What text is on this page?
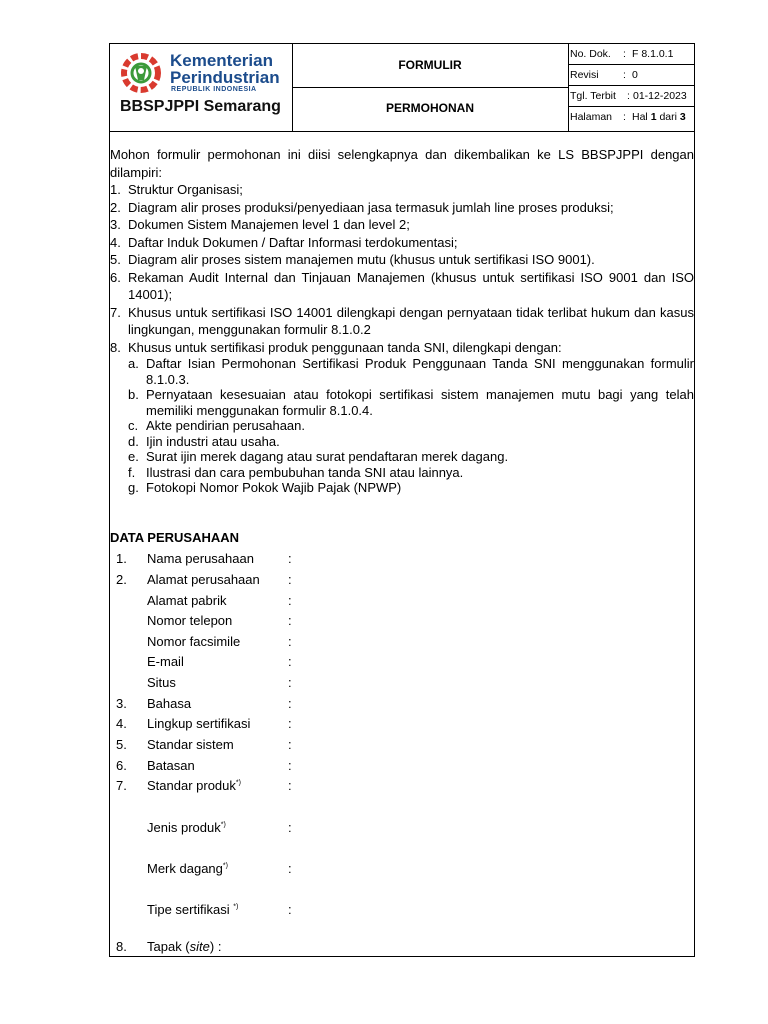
Kementerian
Perindustrian
REPUBLIK INDONESIA
BBSPJPPI Semarang
FORMULIR
PERMOHONAN
No. Dok. : F 8.1.0.1
Revisi : 0
Tgl. Terbit : 01-12-2023
Halaman : Hal 1 dari 3
Mohon formulir permohonan ini diisi selengkapnya dan dikembalikan ke LS BBSPJPPI dengan dilampiri:
1. Struktur Organisasi;
2. Diagram alir proses produksi/penyediaan jasa termasuk jumlah line proses produksi;
3. Dokumen Sistem Manajemen level 1 dan level 2;
4. Daftar Induk Dokumen / Daftar Informasi terdokumentasi;
5. Diagram alir proses sistem manajemen mutu (khusus untuk sertifikasi ISO 9001).
6. Rekaman Audit Internal dan Tinjauan Manajemen (khusus untuk sertifikasi ISO 9001 dan ISO 14001);
7. Khusus untuk sertifikasi ISO 14001 dilengkapi dengan pernyataan tidak terlibat hukum dan kasus lingkungan, menggunakan formulir 8.1.0.2
8. Khusus untuk sertifikasi produk penggunaan tanda SNI, dilengkapi dengan:
a. Daftar Isian Permohonan Sertifikasi Produk Penggunaan Tanda SNI menggunakan formulir 8.1.0.3.
b. Pernyataan kesesuaian atau fotokopi sertifikasi sistem manajemen mutu bagi yang telah memiliki menggunakan formulir 8.1.0.4.
c. Akte pendirian perusahaan.
d. Ijin industri atau usaha.
e. Surat ijin merek dagang atau surat pendaftaran merek dagang.
f. Ilustrasi dan cara pembubuhan tanda SNI atau lainnya.
g. Fotokopi Nomor Pokok Wajib Pajak (NPWP)
DATA PERUSAHAAN
1. Nama perusahaan	:
2. Alamat perusahaan :
Alamat pabrik	:
Nomor telepon	:
Nomor facsimile	:
E-mail	:
Situs	:
3. Bahasa	:
4. Lingkup sertifikasi	:
5. Standar sistem	:
6. Batasan	:
7. Standar produk*)	:
Jenis produk*)	:
Merk dagang*)	:
Tipe sertifikasi *)	:
8. Tapak (site) :
